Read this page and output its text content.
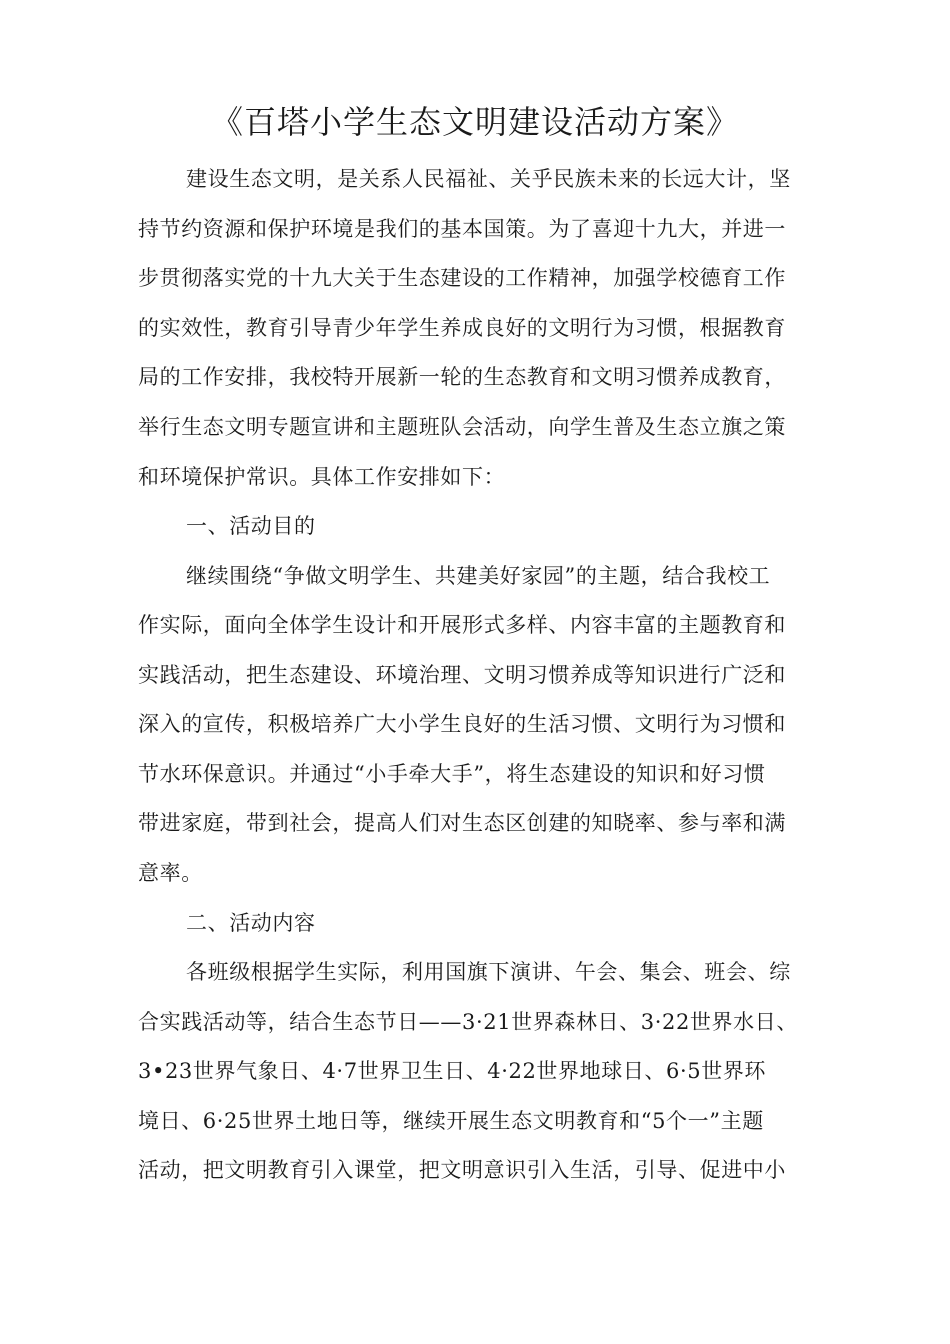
《百塔小学生态文明建设活动方案》
建设生态文明，是关系人民福祉、关乎民族未来的长远大计，坚
持节约资源和保护环境是我们的基本国策。为了喜迎十九大，并进一
步贯彻落实党的十九大关于生态建设的工作精神，加强学校德育工作
的实效性，教育引导青少年学生养成良好的文明行为习惯，根据教育
局的工作安排，我校特开展新一轮的生态教育和文明习惯养成教育，
举行生态文明专题宣讲和主题班队会活动，向学生普及生态立旗之策
和环境保护常识。具体工作安排如下：
一、活动目的
继续围绕“争做文明学生、共建美好家园”的主题，结合我校工
作实际，面向全体学生设计和开展形式多样、内容丰富的主题教育和
实践活动，把生态建设、环境治理、文明习惯养成等知识进行广泛和
深入的宣传，积极培养广大小学生良好的生活习惯、文明行为习惯和
节水环保意识。并通过“小手牵大手”，将生态建设的知识和好习惯
带进家庭，带到社会，提高人们对生态区创建的知晓率、参与率和满
意率。
二、活动内容
各班级根据学生实际，利用国旗下演讲、午会、集会、班会、综
合实践活动等，结合生态节日——3·21世界森林日、3·22世界水日、
3•23世界气象日、4·7世界卫生日、4·22世界地球日、6·5世界环
境日、6·25世界土地日等，继续开展生态文明教育和“5个一”主题
活动，把文明教育引入课堂，把文明意识引入生活，引导、促进中小
